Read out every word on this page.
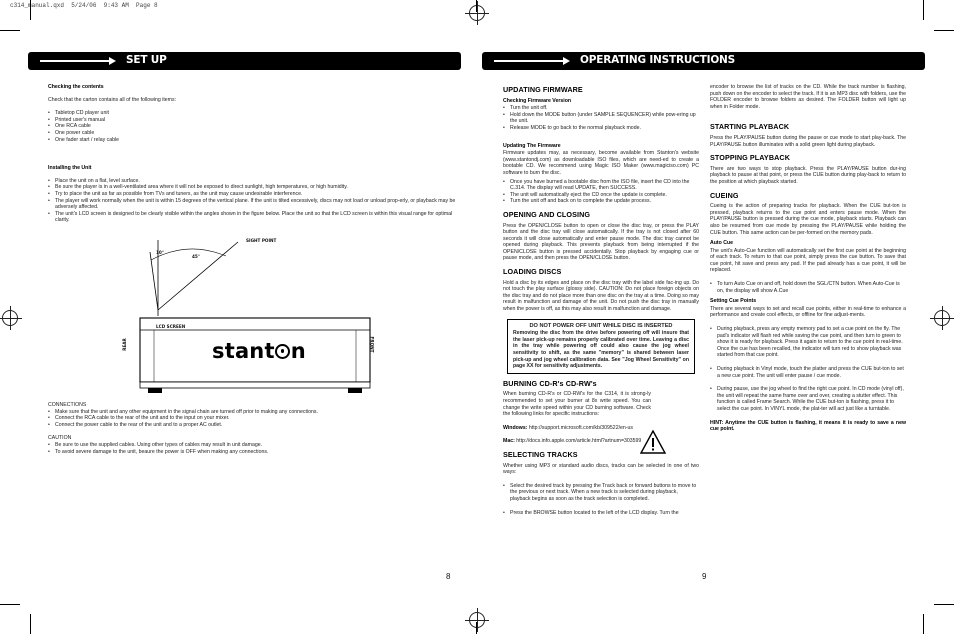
c314_manual.qxd  5/24/06  9:43 AM  Page 8
SET UP
Checking the contents

Check that the carton contains all of the following items:

• Tabletop CD player unit
• Printed user's manual
• One RCA cable
• One power cable
• One fader start / relay cable
Installing the Unit
• Place the unit on a flat, level surface.
• Be sure the player is in a well-ventilated area where it will not be exposed to direct sunlight, high temperatures, or high humidity.
• Try to place the unit as far as possible from TVs and tuners, as the unit may cause undesirable interference.
• The player will work normally when the unit is within 15 degrees of the vertical plane. If the unit is tilted excessively, discs may not load or unload prop-erly, or playback may be adversely affected.
• The unit's LCD screen is designed to be clearly visible within the angles shown in the figure below. Place the unit so that the LCD screen is within this visual range for optimal clarity.
SIGHT POINT
10°
45°
LCD SCREEN
REAR	FRONT
stant n
CONNECTIONS
• Make sure that the unit and any other equipment in the signal chain are turned off prior to making any connections.
• Connect the RCA cable to the rear of the unit and to the input on your mixer.
• Connect the power cable to the rear of the unit and to a proper AC outlet.
CAUTION
• Be sure to use the supplied cables. Using other types of cables may result in unit damage.
• To avoid severe damage to the unit, beaure the power is OFF when making any connections.
8
OPERATING INSTRUCTIONS
UPDATING FIRMWARE
Checking Firmware Version
• Turn the unit off.
• Hold down the MODE button (under SAMPLE SEQUENCER) while pow-ering up the unit.
• Release MODE to go back to the normal playback mode.
Updating The Firmware

Firmware updates may, as necessary, become available from Stanton's website (www.stantondj.com) as downloadable ISO files, which are need-ed to create a bootable CD. We recommend using Magic ISO Maker (www.magiciso.com) PC software to burn the disc.

• Once you have burned a bootable disc from the ISO file, insert the CD into the C.314. The display will read UPDATE, then SUCCESS.
• The unit will automatically eject the CD once the update is complete.
• Turn the unit off and back on to complete the update process.
OPENING AND CLOSING

Press the OPEN/CLOSE button to open or close the disc tray, or press the PLAY button and the disc tray will close automatically. If the tray is not closed after 60 seconds it will close automatically and enter pause mode. The disc tray cannot be opened during playback. This prevents playback from being interrupted if the OPEN/CLOSE button is pressed accidentally. Stop playback by engaging cue or pause mode, and then press the OPEN/CLOSE button.

LOADING DISCS

Hold a disc by its edges and place on the disc tray with the label side fac-ing up. Do not touch the play surface (glossy side). CAUTION: Do not place foreign objects on the disc tray and do not place more than one disc on the tray at a time. Doing so may result in malfunction and damage of the unit. Do not push the disc tray in manually when the power is off, as this may also result in malfunction and damage.

DO NOT POWER OFF UNIT WHILE DISC IS INSERTED
Removing the disc from the drive before powering off will insure that the laser pick-up remains properly calibrated over time. Leaving a disc in the tray while powering off could also cause the jog wheel sensitivity to shift, as the same "memory" is shared between laser pick-up and jog wheel calibration data. See "Jog Wheel Sensitivity" on page XX for sensitivity adjustments.
BURNING CD-R's CD-RW's

When burning CD-R's or CD-RW's for the C314, it is strong-ly recommended to set your burner at 8x write speed. You can change the write speed within your CD burning software. Check the following links for specific instructions:

Windows: http://support.microsoft.com/kb/309522/en-us

Mac: http://docs.info.apple.com/article.html?artnum=303599

SELECTING TRACKS

Whether using MP3 or standard audio discs, tracks can be selected in one of two ways:

• Select the desired track by pressing the Track back or forward buttons to move to the previous or next track. When a new track is selected during playback, playback begins as soon as the track selection is completed.
• Press the BROWSE button located to the left of the LCD display. Turn the

encoder to browse the list of tracks on the CD. While the track number is flashing, push down on the encoder to select the track. If it is an MP3 disc with folders, use the FOLDER encoder to browse folders as desired. The FOLDER button will light up when in Folder mode.

STARTING PLAYBACK

Press the PLAY/PAUSE button during the pause or cue mode to start play-back. The PLAY/PAUSE button illuminates with a solid green light during playback.

STOPPING PLAYBACK

There are two ways to stop playback. Press the PLAY/PAUSE button dur-ing playback to pause at that point, or press the CUE button during play-back to return to the position at which playback started.

CUEING

Cueing is the action of preparing tracks for playback. When the CUE but-ton is pressed, playback returns to the cue point and enters pause mode. When the PLAY/PAUSE button is pressed during the cue mode, playback starts. Playback can also be resumed from cue mode by pressing the PLAY/PAUSE while holding the CUE button. This same action can be per-formed on the memory pads.

Auto Cue

The unit's Auto-Cue function will automatically set the first cue point at the beginning of each track. To return to that cue point, simply press the cue button. To save that cue point, hit save and press any pad. If the pad already has a cue point, it will be replaced.

• To turn Auto Cue on and off, hold down the SGL/CTN button. When Auto-Cue is on, the display will show A.Cue
Setting Cue Points

There are several ways to set and recall cue points, either in real-time to enhance a performance and create cool effects, or offline for fine adjust-ments.

• During playback, press any empty memory pad to set a cue point on the fly. The pad's indicator will flash red while saving the cue point, and then turn to green to show it is ready for playback. Press it again to return to the cue point in real-time. Once the cue has been recalled, the indicator will turn red to show playback was started from that cue point.
• During playback in Vinyl mode, touch the platter and press the CUE but-ton to set a new cue point. The unit will enter pause / cue mode.
• During pause, use the jog wheel to find the right cue point. In CD mode (vinyl off), the unit will repeat the same frame over and over, creating a stutter effect. This function is called Frame Search. While the CUE but-ton is flashing, press it to select the cue point. In VINYL mode, the plat-ter will act just like a turntable.

HINT: Anytime the CUE button is flashing, it means it is ready to save a new cue point.

9
